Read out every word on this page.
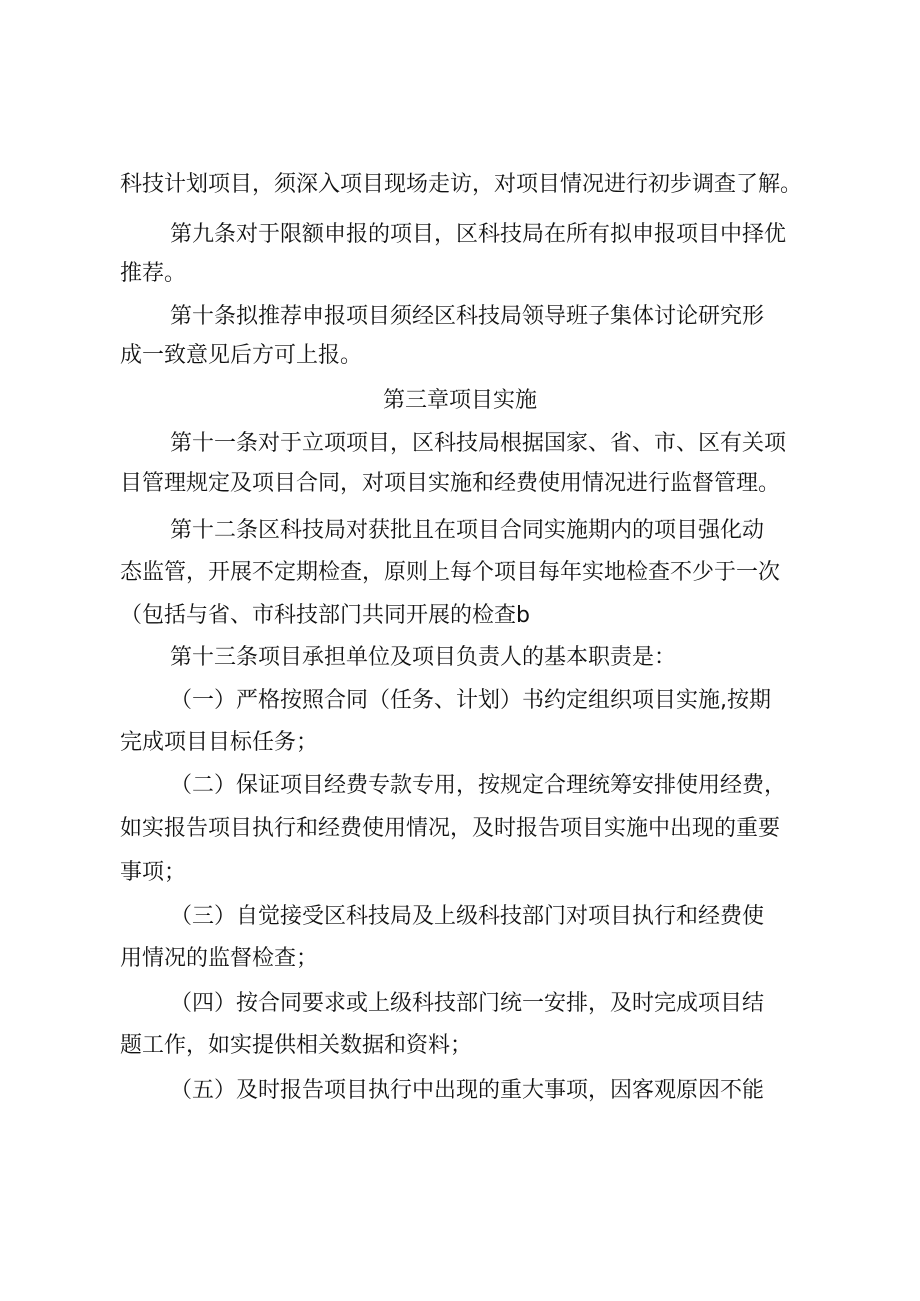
科技计划项目，须深入项目现场走访，对项目情况进行初步调查了解。
第九条对于限额申报的项目，区科技局在所有拟申报项目中择优
推荐。
第十条拟推荐申报项目须经区科技局领导班子集体讨论研究形
成一致意见后方可上报。
第三章项目实施
第十一条对于立项项目，区科技局根据国家、省、市、区有关项
目管理规定及项目合同，对项目实施和经费使用情况进行监督管理。
第十二条区科技局对获批且在项目合同实施期内的项目强化动
态监管，开展不定期检查，原则上每个项目每年实地检查不少于一次
（包括与省、市科技部门共同开展的检查b
第十三条项目承担单位及项目负责人的基本职责是：
（一）严格按照合同（任务、计划）书约定组织项目实施,按期
完成项目目标任务；
（二）保证项目经费专款专用，按规定合理统筹安排使用经费，
如实报告项目执行和经费使用情况，及时报告项目实施中出现的重要
事项；
（三）自觉接受区科技局及上级科技部门对项目执行和经费使
用情况的监督检查；
（四）按合同要求或上级科技部门统一安排，及时完成项目结
题工作，如实提供相关数据和资料；
（五）及时报告项目执行中出现的重大事项，因客观原因不能
